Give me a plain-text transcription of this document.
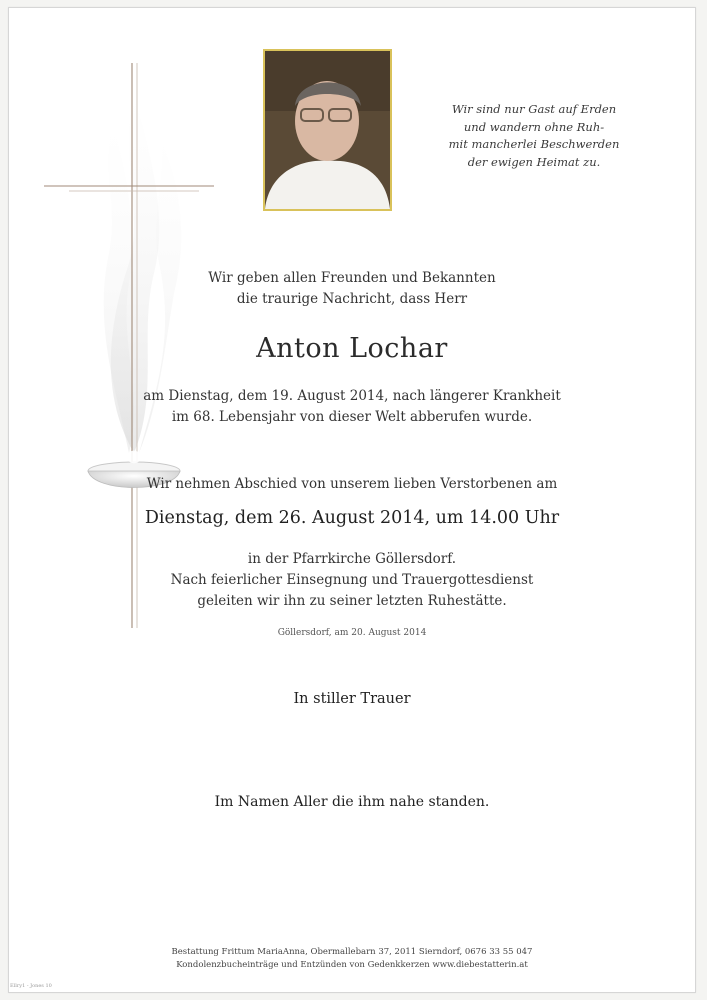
Wir sind nur Gast auf Erden
und wandern ohne Ruh-
mit mancherlei Beschwerden
der ewigen Heimat zu.
Wir geben allen Freunden und Bekannten
die traurige Nachricht, dass Herr
Anton Lochar
am Dienstag, dem 19. August 2014, nach längerer Krankheit
im 68. Lebensjahr von dieser Welt abberufen wurde.
Wir nehmen Abschied von unserem lieben Verstorbenen am
Dienstag, dem 26. August 2014, um 14.00 Uhr
in der Pfarrkirche Göllersdorf.
Nach feierlicher Einsegnung und Trauergottesdienst
geleiten wir ihn zu seiner letzten Ruhestätte.
Göllersdorf, am 20. August 2014
In stiller Trauer
Im Namen Aller die ihm nahe standen.
Bestattung Frittum MariaAnna, Obermallebarn 37, 2011 Sierndorf, 0676 33 55 047
Kondolenzbucheinträge und Entzünden von Gedenkkerzen www.diebestatterin.at
Ellry1 - Jones 10
